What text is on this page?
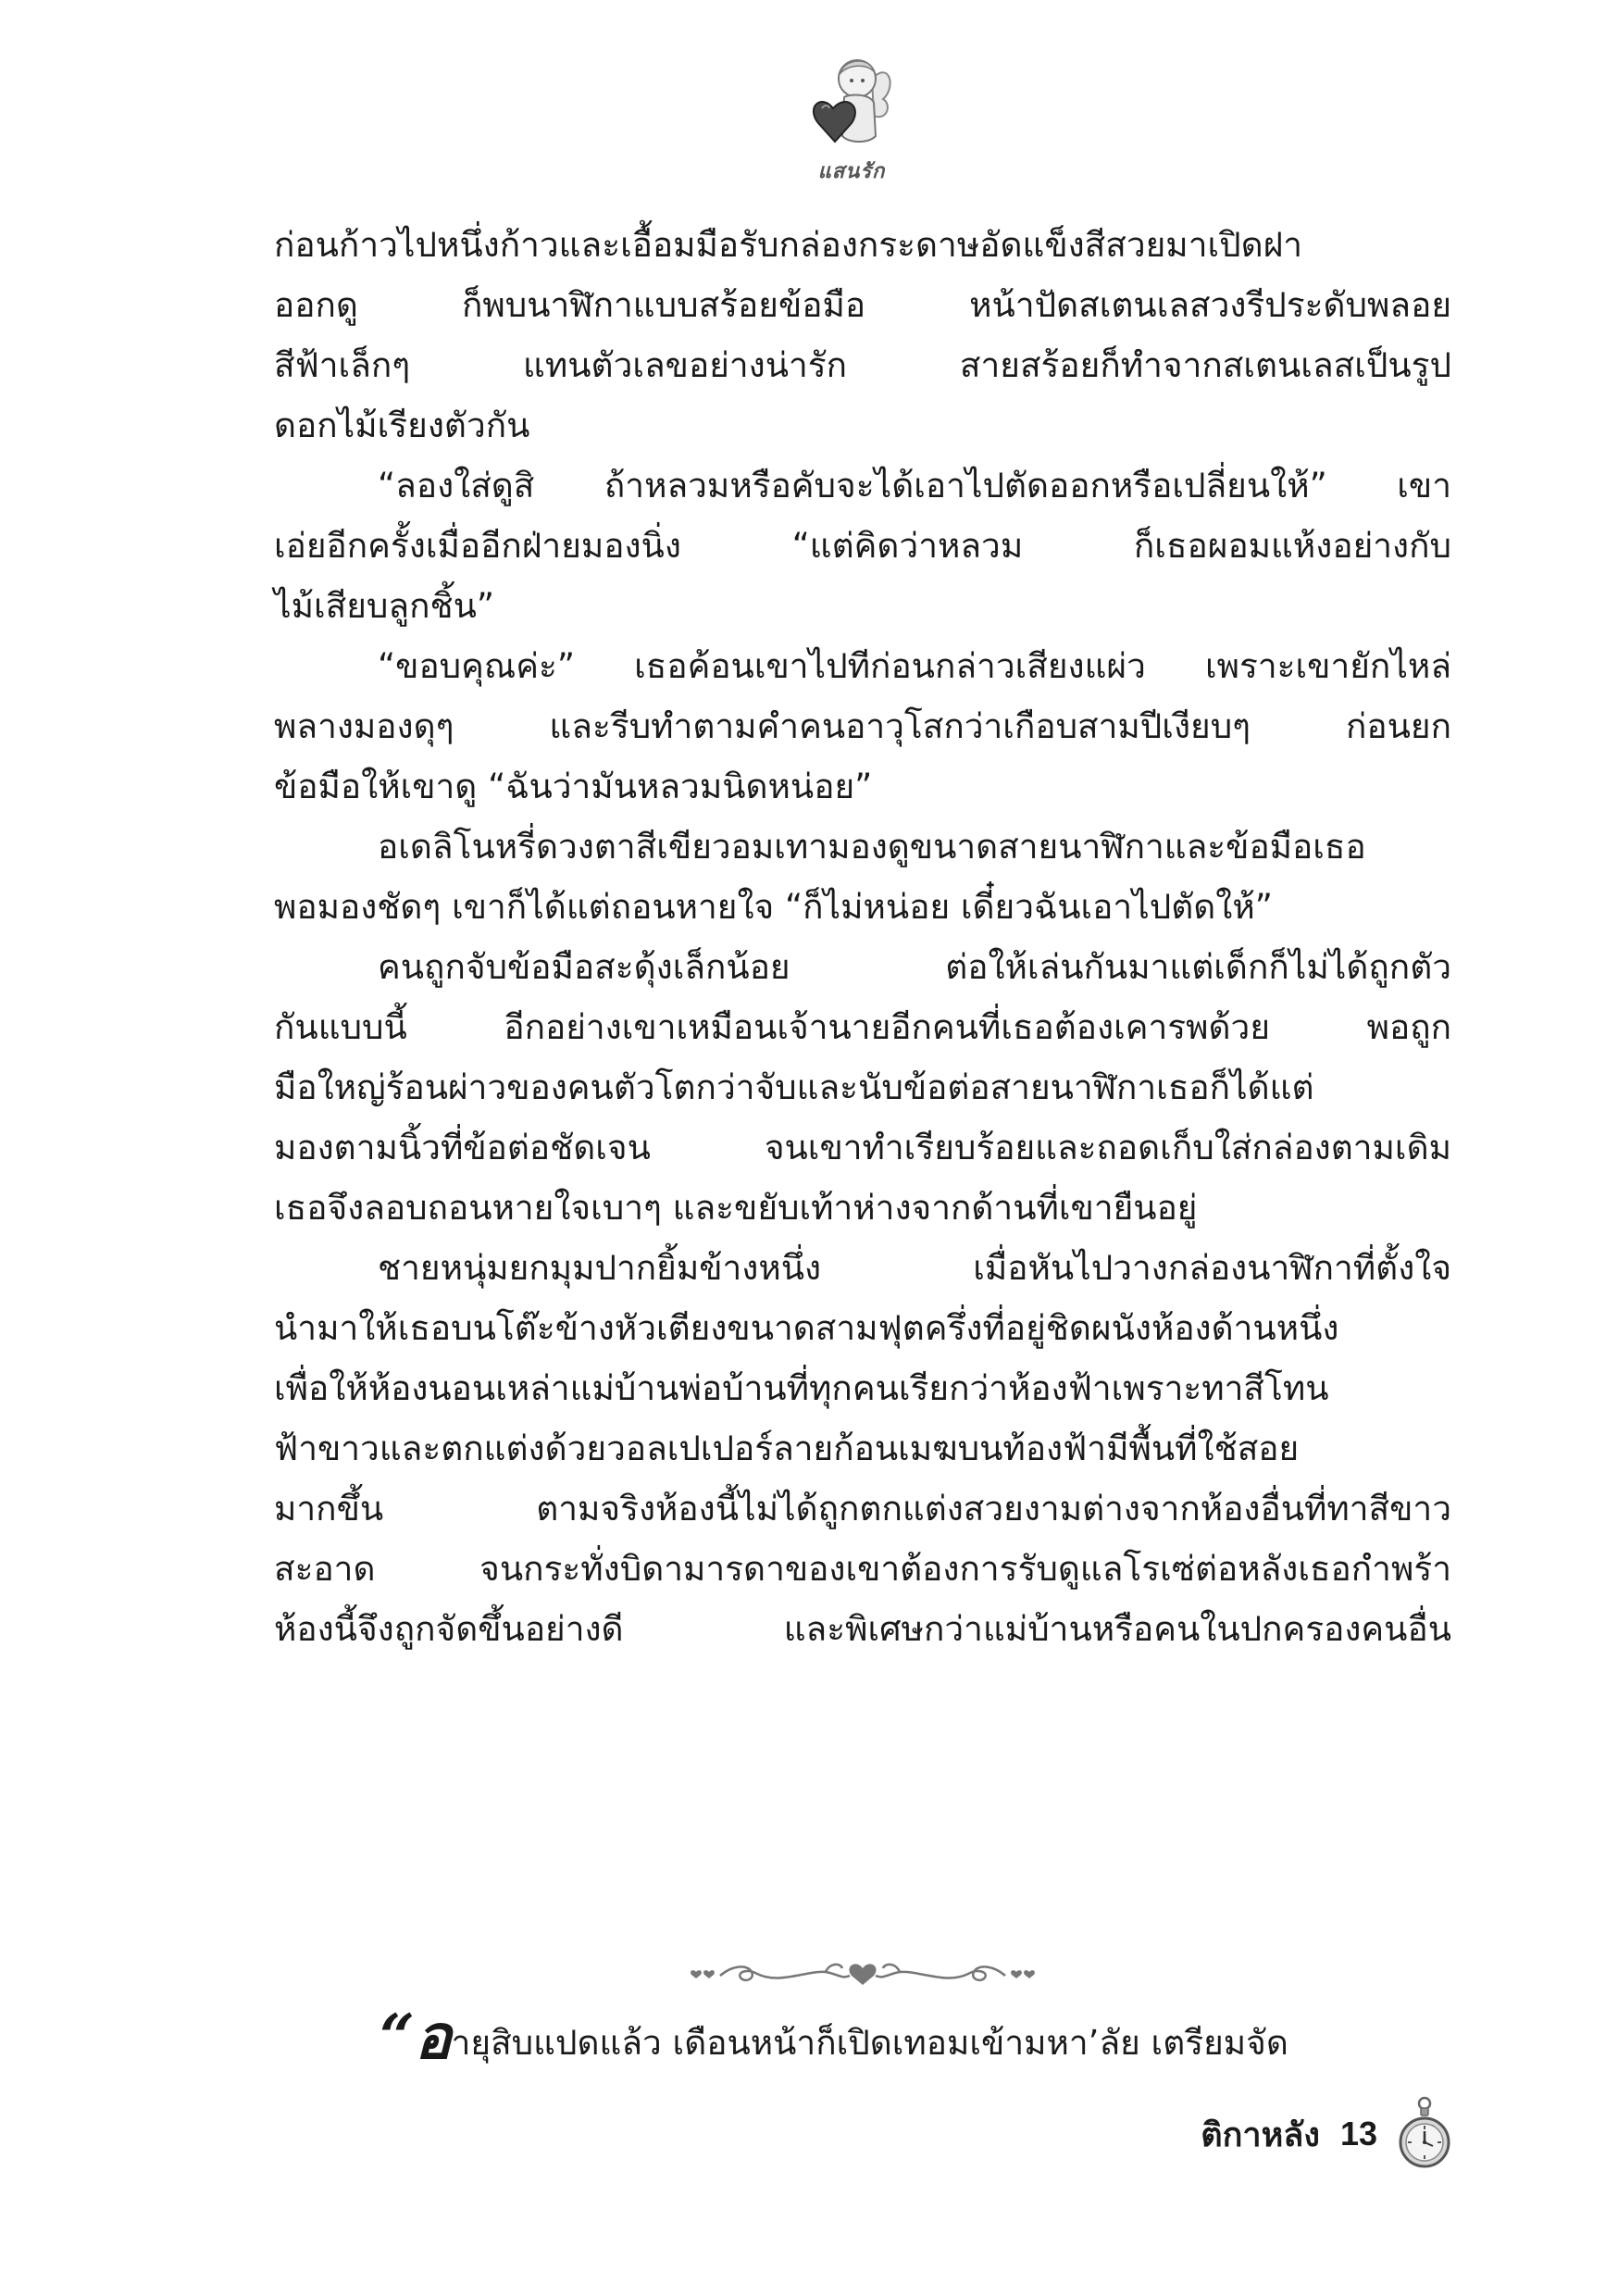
แสนรัก
ก่อนก้าวไปหนึ่งก้าวและเอื้อมมือรับกล่องกระดาษอัดแข็งสีสวยมาเปิดฝา
ออกดู ก็พบนาฬิกาแบบสร้อยข้อมือ หน้าปัดสเตนเลสวงรีประดับพลอย
สีฟ้าเล็กๆ แทนตัวเลขอย่างน่ารัก สายสร้อยก็ทำจากสเตนเลสเป็นรูป
ดอกไม้เรียงตัวกัน
“ลองใส่ดูสิ ถ้าหลวมหรือคับจะได้เอาไปตัดออกหรือเปลี่ยนให้” เขา
เอ่ยอีกครั้งเมื่ออีกฝ่ายมองนิ่ง “แต่คิดว่าหลวม ก็เธอผอมแห้งอย่างกับ
ไม้เสียบลูกชิ้น”
“ขอบคุณค่ะ” เธอค้อนเขาไปทีก่อนกล่าวเสียงแผ่ว เพราะเขายักไหล่
พลางมองดุๆ และรีบทำตามคำคนอาวุโสกว่าเกือบสามปีเงียบๆ ก่อนยก
ข้อมือให้เขาดู “ฉันว่ามันหลวมนิดหน่อย”
อเดลิโนหรี่ดวงตาสีเขียวอมเทามองดูขนาดสายนาฬิกาและข้อมือเธอ
พอมองชัดๆ เขาก็ได้แต่ถอนหายใจ “ก็ไม่หน่อย เดี๋ยวฉันเอาไปตัดให้”
คนถูกจับข้อมือสะดุ้งเล็กน้อย ต่อให้เล่นกันมาแต่เด็กก็ไม่ได้ถูกตัว
กันแบบนี้ อีกอย่างเขาเหมือนเจ้านายอีกคนที่เธอต้องเคารพด้วย พอถูก
มือใหญ่ร้อนผ่าวของคนตัวโตกว่าจับและนับข้อต่อสายนาฬิกาเธอก็ได้แต่
มองตามนิ้วที่ข้อต่อชัดเจน จนเขาทำเรียบร้อยและถอดเก็บใส่กล่องตามเดิม
เธอจึงลอบถอนหายใจเบาๆ และขยับเท้าห่างจากด้านที่เขายืนอยู่
ชายหนุ่มยกมุมปากยิ้มข้างหนึ่ง เมื่อหันไปวางกล่องนาฬิกาที่ตั้งใจ
นำมาให้เธอบนโต๊ะข้างหัวเตียงขนาดสามฟุตครึ่งที่อยู่ชิดผนังห้องด้านหนึ่ง
เพื่อให้ห้องนอนเหล่าแม่บ้านพ่อบ้านที่ทุกคนเรียกว่าห้องฟ้าเพราะทาสีโทน
ฟ้าขาวและตกแต่งด้วยวอลเปเปอร์ลายก้อนเมฆบนท้องฟ้ามีพื้นที่ใช้สอย
มากขึ้น ตามจริงห้องนี้ไม่ได้ถูกตกแต่งสวยงามต่างจากห้องอื่นที่ทาสีขาว
สะอาด จนกระทั่งบิดามารดาของเขาต้องการรับดูแลโรเซ่ต่อหลังเธอกำพร้า
ห้องนี้จึงถูกจัดขึ้นอย่างดี และพิเศษกว่าแม่บ้านหรือคนในปกครองคนอื่น
“อายุสิบแปดแล้ว เดือนหน้าก็เปิดเทอมเข้ามหา’ลัย เตรียมจัด
ติกาหลัง 13
